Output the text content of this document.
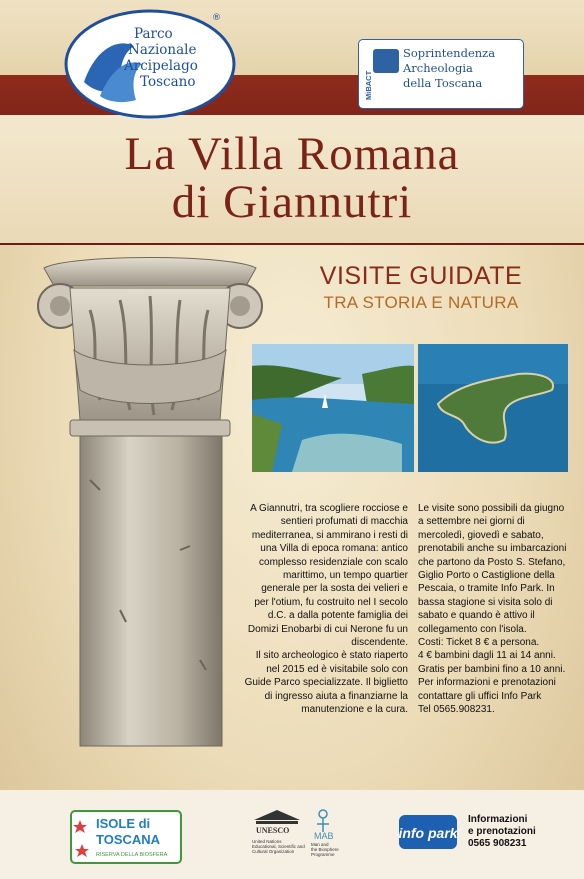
Parco
Nazionale
Arcipelago
Toscano
®
MiBACT
Soprintendenza
Archeologia
della Toscana
La Villa Romana
di Giannutri
VISITE GUIDATE
TRA STORIA E NATURA

A Giannutri, tra scogliere rocciose e

sentieri profumati di macchia

mediterranea, si ammirano i resti di

una Villa di epoca romana: antico

complesso residenziale con scalo

marittimo, un tempo quartier

generale per la sosta dei velieri e

per l'otium, fu costruito nel I secolo

d.C. a dalla potente famiglia dei

Domizi Enobarbi di cui Nerone fu un

discendente.

Il sito archeologico è stato riaperto

nel 2015 ed è visitabile solo con

Guide Parco specializzate. Il biglietto

di ingresso aiuta a finanziarne la

manutenzione e la cura.

Le visite sono possibili da giugno

a settembre nei giorni di

mercoledì, giovedì e sabato,

prenotabili anche su imbarcazioni

che partono da Posto S. Stefano,

Giglio Porto o Castiglione della

Pescaia, o tramite Info Park. In

bassa stagione si visita solo di

sabato e quando è attivo il

collegamento con l'isola.

Costi: Ticket 8 € a persona.

4 € bambini dagli 11 ai 14 anni.

Gratis per bambini fino a 10 anni.

Per informazioni e prenotazioni

contattare gli uffici Info Park

Tel 0565.908231.

ISOLE di
TOSCANA
RISERVA DELLA BIOSFERA
UNESCO
United Nations
Educational, Scientific and
Cultural Organization
MAB
Man and
the Biosphere
Programme
info park
Informazioni
e prenotazioni
0565 908231
